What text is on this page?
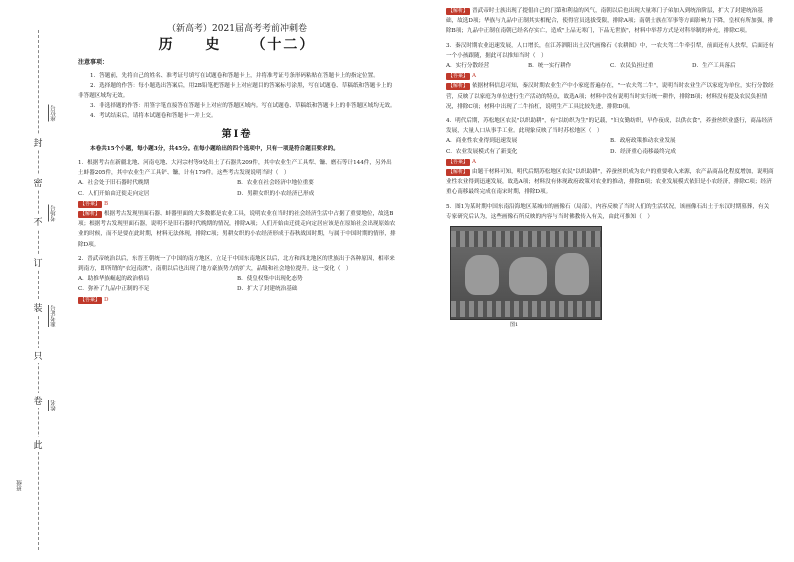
封
密
不
订
装
只
卷
此
座位号
考场号
准考证号
姓名
班级
（新高考）2021届高考考前冲刺卷
历 史 （十二）
注意事项：
1．答题前，先将自己的姓名、准考证号填写在试题卷和答题卡上，并将准考证号条形码粘贴在答题卡上的指定位置。
2．选择题的作答：每小题选出答案后，用2B铅笔把答题卡上对应题目的答案标号涂黑，写在试题卷、草稿纸和答题卡上的非答题区域均无效。
3．非选择题的作答：用签字笔直接答在答题卡上对应的答题区域内。写在试题卷、草稿纸和答题卡上的非答题区域均无效。
4．考试结束后，请将本试题卷和答题卡一并上交。
第Ⅰ卷
本卷共15个小题，每小题3分，共45分。在每小题给出的四个选项中，只有一项是符合题目要求的。
1．根据考古在新疆北地、河南屯地、大河宗村等9处出土了石器共209件，其中农业生产工具犁、镰、磨石等计144件，另外出土蚌器205件，其中农业生产工具铲、镰，计有179件。这些考古发现说明当时（　）
A．社会处于旧石器时代晚期	B．农业在社会经济中地位重要
C．人们开始由迁徙走向定居	D．男耕女织的小农经济已形成
【答案】 B
【解析】 根据考古发现里面石器、蚌器里面的大多数都是农业工具，说明农业在当时的社会经济生活中占据了重要地位，故选B项；根据考古发现里面石器，说明不是旧石器时代晚期的情况，排除A项；人们开始由迁徙走向定居应该是在原始社会出现原始农业的时候，而不是要在此时期，材料无法体现，排除C项；男耕女织的小农经济形成于春秋战国时期，与属于中国时期的情形，排除D项。
2．晋武帝统治以后，东晋王朝统一了中国的南方地区，立足于中国东南地区以后，北方和西北地区的世族出于各种原因，相率来到南方，即所谓的"衣冠南渡"，南朝以后也出现了地方豪族势力的扩大，品级和社会地位提升。这一变化（　）
A．助推华族崛起的政治格局	B．使皇权集中出现化态势
C．弥补了九品中正制的不足	D．扩大了封建统治基础
【答案】 D
【解析】 晋武帝时士族出现了提倡自己的门第和利益的风气，南朝以后也出现大量寒门子弟加入到统治阶层，扩大了封建统治基础，故选D项；华族与九品中正制其实相配合，使得官员选拔受限，排除A项；南朝士族在军事等方面影响力下降，皇权有所加强，排除B项；九品中正制在南朝已经名存实亡，造成"上品无寒门，下品无世族"，材料中举荐方式是对科举制的补充，排除C项。
3．秦汉时期农业迅速发展，人口增长，在江苏泗阳出土汉代画像石《农耕图》中，一农夫驾二牛牵引犁，前面还有人扶犁，后面还有一个小孩跟随，据此可以推知当时（　）
A．实行分散经营	B．统一实行耕作	C．农民负担过重	D．生产工具落后
【答案】 A
【解析】 依据材料信息可知，秦汉时期农业生产中小家庭普遍存在，"一农夫驾二牛"，说明当时农业生产以家庭为单位，实行分散经营，反映了以家庭为单位进行生产活动的特点，故选A项；材料中没有说明当时实行统一耕作，排除B项；材料没有提及农民负担情况，排除C项；材料中出现了二牛抬杠，说明生产工具比较先进，排除D项。
4．明代后期，苏松地区农民"以织助耕"，有"以纺织为生"的记载，"妇女勤纺织，早作夜成，以供衣食"，养蚕丝织业盛行，商品经济发展，大量人口从事手工业。此现象反映了当时苏松地区（　）
A．商业性农业得到迅速发展	B．政府政策推动农业发展
C．农业发展模式有了新变化	D．经济重心南移最终完成
【答案】 A
【解析】 由题干材料可知，明代后期苏松地区农民"以织助耕"，养蚕丝织成为农户的重要收入来源，农产品商品化程度增加，说明商业性农业得到迅速发展，故选A项；材料没有体现政府政策对农业的推动，排除B项；农业发展模式依旧是小农经济，排除C项；经济重心南移最终完成在南宋时期，排除D项。
5．图1为某时期中国东南沿海地区某城市的画像石（局部），内容反映了当时人们的生活状况，该画像石出土于东汉时期墓葬，有关专家研究后认为，这些画像石所反映的内容与当时佛教传入有关，由此可推知（　）
图1
